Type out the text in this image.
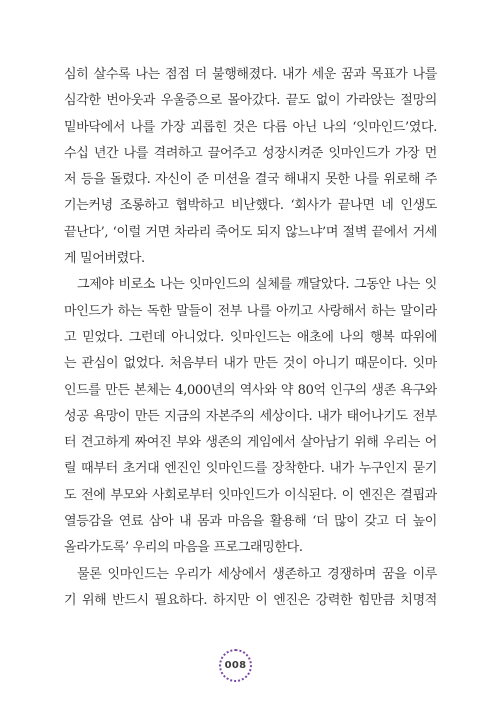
심히 살수록 나는 점점 더 불행해졌다. 내가 세운 꿈과 목표가 나를
심각한 번아웃과 우울증으로 몰아갔다. 끝도 없이 가라앉는 절망의
밑바닥에서 나를 가장 괴롭힌 것은 다름 아닌 나의 ‘잇마인드’였다.
수십 년간 나를 격려하고 끌어주고 성장시켜준 잇마인드가 가장 먼
저 등을 돌렸다. 자신이 준 미션을 결국 해내지 못한 나를 위로해 주
기는커녕 조롱하고 협박하고 비난했다. ‘회사가 끝나면 네 인생도
끝난다’, ‘이럴 거면 차라리 죽어도 되지 않느냐’며 절벽 끝에서 거세
게 밀어버렸다.
그제야 비로소 나는 잇마인드의 실체를 깨달았다. 그동안 나는 잇
마인드가 하는 독한 말들이 전부 나를 아끼고 사랑해서 하는 말이라
고 믿었다. 그런데 아니었다. 잇마인드는 애초에 나의 행복 따위에
는 관심이 없었다. 처음부터 내가 만든 것이 아니기 때문이다. 잇마
인드를 만든 본체는 4,000년의 역사와 약 80억 인구의 생존 욕구와
성공 욕망이 만든 지금의 자본주의 세상이다. 내가 태어나기도 전부
터 견고하게 짜여진 부와 생존의 게임에서 살아남기 위해 우리는 어
릴 때부터 초거대 엔진인 잇마인드를 장착한다. 내가 누구인지 묻기
도 전에 부모와 사회로부터 잇마인드가 이식된다. 이 엔진은 결핍과
열등감을 연료 삼아 내 몸과 마음을 활용해 ‘더 많이 갖고 더 높이
올라가도록’ 우리의 마음을 프로그래밍한다.
물론 잇마인드는 우리가 세상에서 생존하고 경쟁하며 꿈을 이루
기 위해 반드시 필요하다. 하지만 이 엔진은 강력한 힘만큼 치명적
008
